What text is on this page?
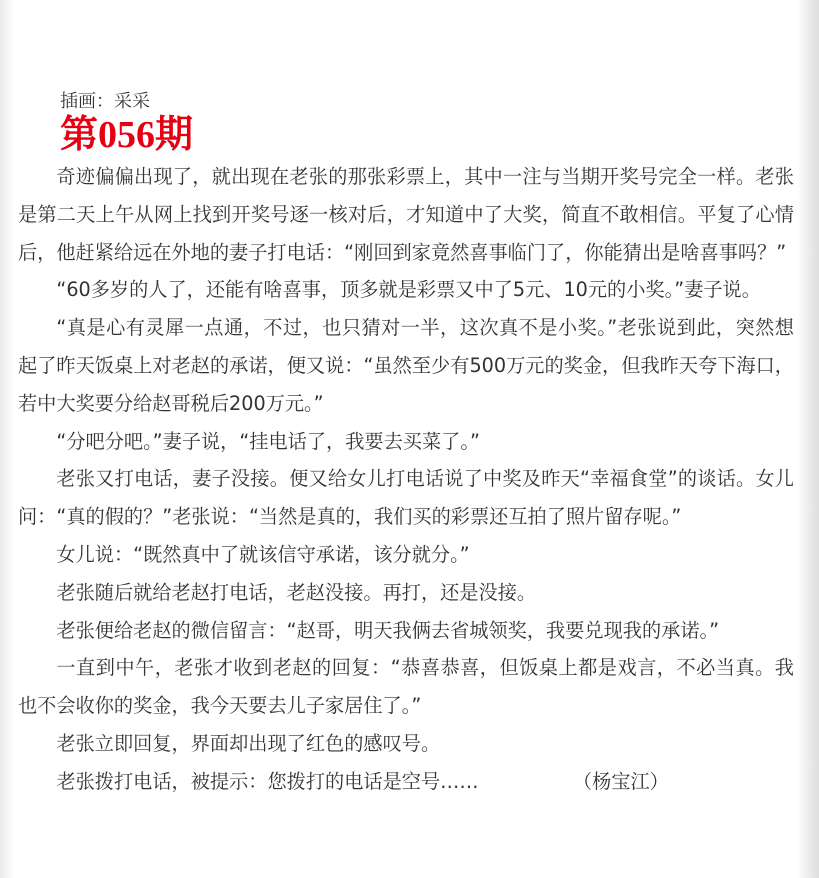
插画：采采
第056期

奇迹偏偏出现了，就出现在老张的那张彩票上，其中一注与当期开奖号完全一样。老张是第二天上午从网上找到开奖号逐一核对后，才知道中了大奖，简直不敢相信。平复了心情后，他赶紧给远在外地的妻子打电话：“刚回到家竟然喜事临门了，你能猜出是啥喜事吗？”

“60多岁的人了，还能有啥喜事，顶多就是彩票又中了5元、10元的小奖。”妻子说。

“真是心有灵犀一点通，不过，也只猜对一半，这次真不是小奖。”老张说到此，突然想起了昨天饭桌上对老赵的承诺，便又说：“虽然至少有500万元的奖金，但我昨天夸下海口，若中大奖要分给赵哥税后200万元。”

“分吧分吧。”妻子说，“挂电话了，我要去买菜了。”

老张又打电话，妻子没接。便又给女儿打电话说了中奖及昨天“幸福食堂”的谈话。女儿问：“真的假的？”老张说：“当然是真的，我们买的彩票还互拍了照片留存呢。”

女儿说：“既然真中了就该信守承诺，该分就分。”

老张随后就给老赵打电话，老赵没接。再打，还是没接。

老张便给老赵的微信留言：“赵哥，明天我俩去省城领奖，我要兑现我的承诺。”

一直到中午，老张才收到老赵的回复：“恭喜恭喜，但饭桌上都是戏言，不必当真。我也不会收你的奖金，我今天要去儿子家居住了。”

老张立即回复，界面却出现了红色的感叹号。

老张拨打电话，被提示：您拨打的电话是空号……	（杨宝江）
